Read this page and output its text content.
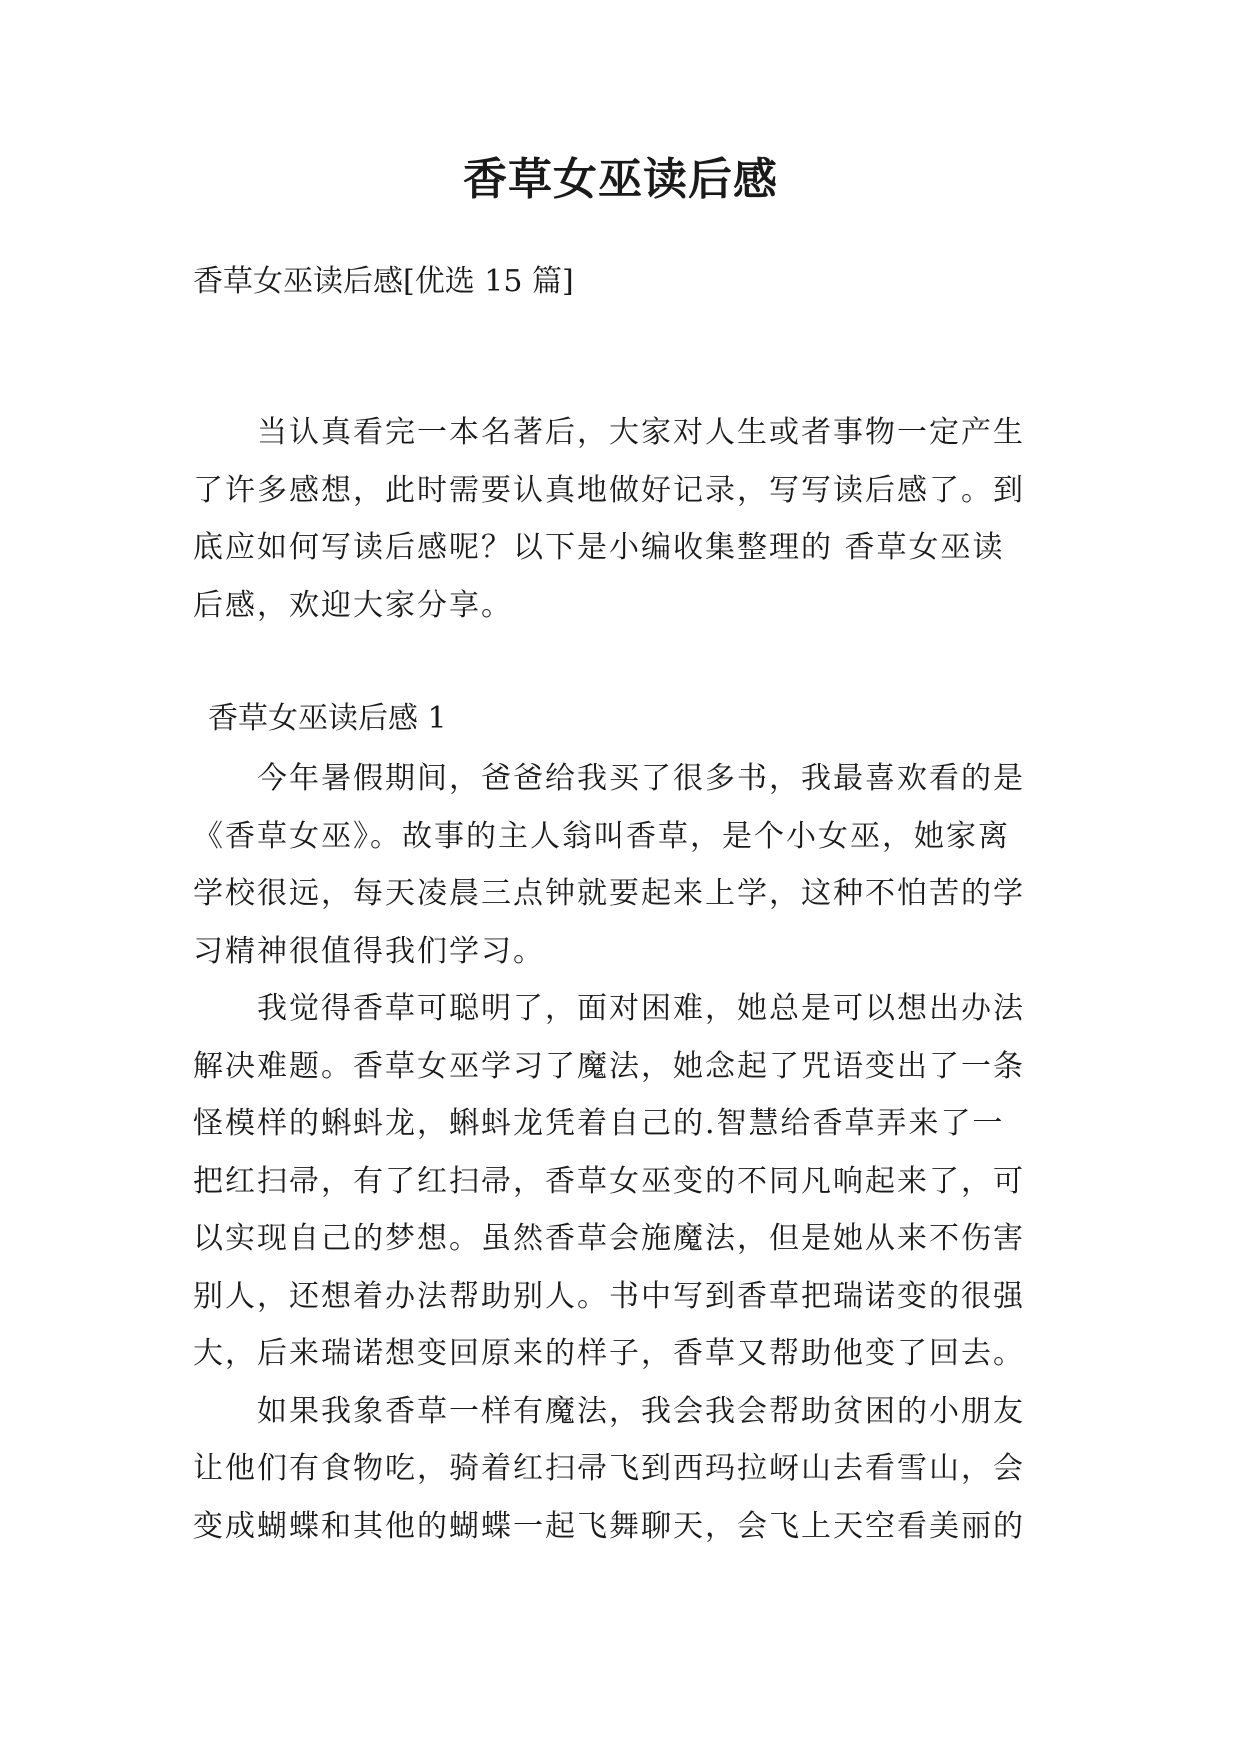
香草女巫读后感

香草女巫读后感[优选 15 篇]

当认真看完一本名著后，大家对人生或者事物一定产生
了许多感想，此时需要认真地做好记录，写写读后感了。到
底应如何写读后感呢？以下是小编收集整理的 香草女巫读
后感，欢迎大家分享。

香草女巫读后感 1

今年暑假期间，爸爸给我买了很多书，我最喜欢看的是
《香草女巫》。故事的主人翁叫香草，是个小女巫，她家离
学校很远，每天凌晨三点钟就要起来上学，这种不怕苦的学
习精神很值得我们学习。
我觉得香草可聪明了，面对困难，她总是可以想出办法
解决难题。香草女巫学习了魔法，她念起了咒语变出了一条
怪模样的蝌蚪龙，蝌蚪龙凭着自己的.智慧给香草弄来了一
把红扫帚，有了红扫帚，香草女巫变的不同凡响起来了，可
以实现自己的梦想。虽然香草会施魔法，但是她从来不伤害
别人，还想着办法帮助别人。书中写到香草把瑞诺变的很强
大，后来瑞诺想变回原来的样子，香草又帮助他变了回去。
如果我象香草一样有魔法，我会我会帮助贫困的小朋友
让他们有食物吃，骑着红扫帚飞到西玛拉岈山去看雪山，会
变成蝴蝶和其他的蝴蝶一起飞舞聊天，会飞上天空看美丽的
